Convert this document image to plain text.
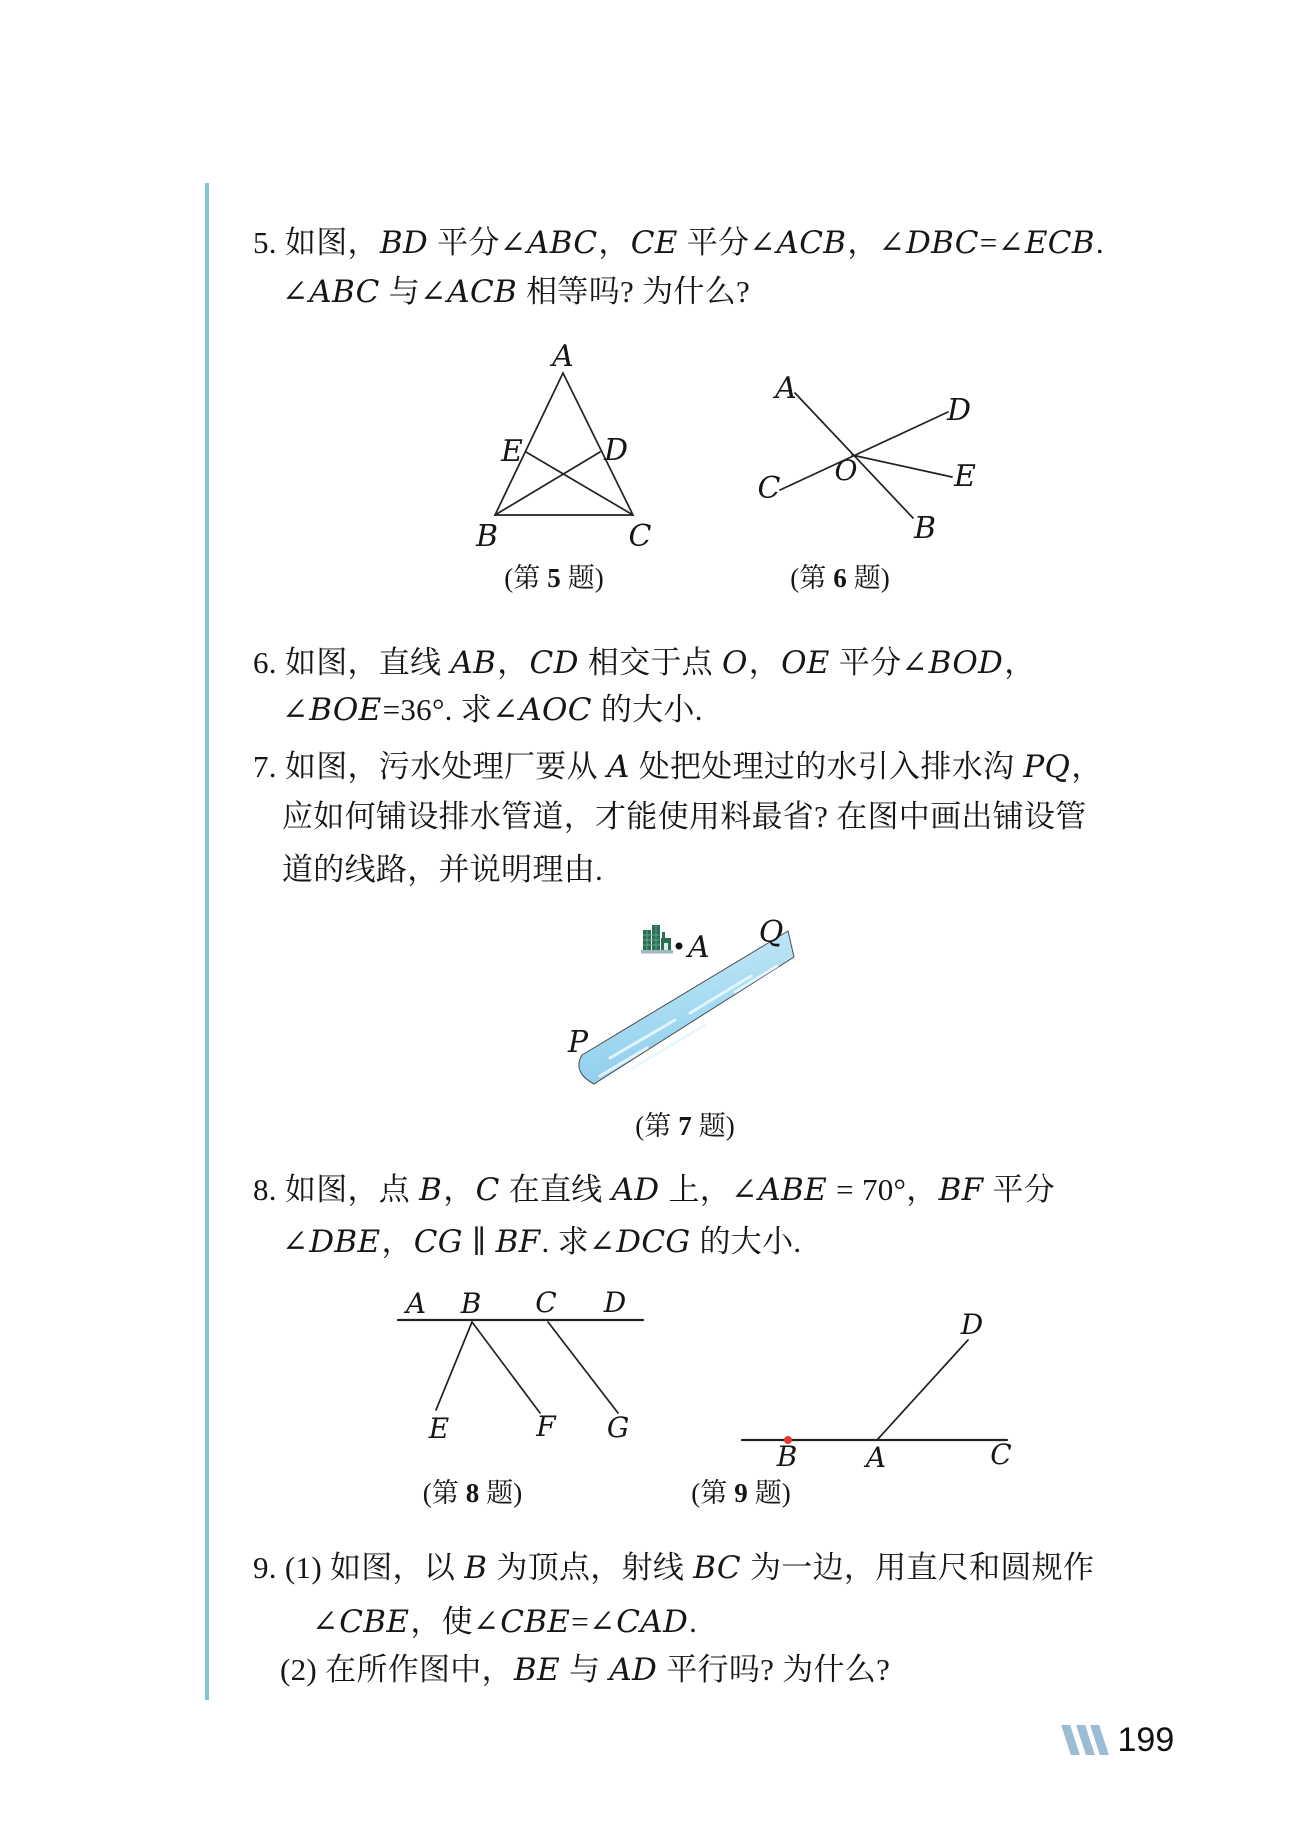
5. 如图，BD 平分∠ABC，CE 平分∠ACB，∠DBC=∠ECB.
∠ABC 与∠ACB 相等吗? 为什么?
A
E	D
B	C
A
D
C
O	E
B
(第 5 题)	(第 6 题)
6. 如图，直线 AB，CD 相交于点 O，OE 平分∠BOD，
∠BOE=36°. 求∠AOC 的大小.
7. 如图，污水处理厂要从 A 处把处理过的水引入排水沟 PQ，
应如何铺设排水管道，才能使用料最省? 在图中画出铺设管
道的线路，并说明理由.
A Q
P
(第 7 题)
8. 如图，点 B，C 在直线 AD 上，∠ABE = 70°，BF 平分
∠DBE，CG ∥ BF. 求∠DCG 的大小.
A B C D
E	F G
B A	C
D
(第 8 题)	(第 9 题)
9. (1) 如图，以 B 为顶点，射线 BC 为一边，用直尺和圆规作
∠CBE，使∠CBE=∠CAD.
(2) 在所作图中，BE 与 AD 平行吗? 为什么?
199
